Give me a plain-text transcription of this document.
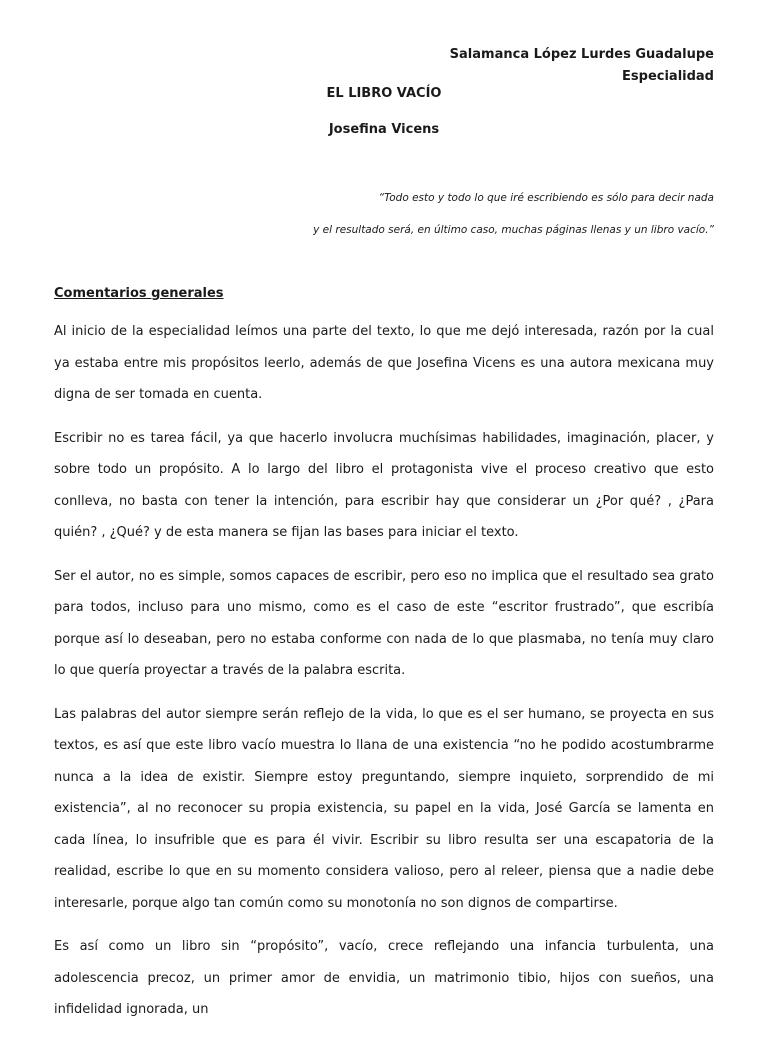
Salamanca López Lurdes Guadalupe
Especialidad
EL LIBRO VACÍO
Josefina Vicens
“Todo esto y todo lo que iré escribiendo es sólo para decir nada
y el resultado será, en último caso, muchas páginas llenas y un libro vacío.”
Comentarios generales

Al inicio de la especialidad leímos una parte del texto, lo que me dejó interesada, razón por la cual ya estaba entre mis propósitos leerlo, además de que Josefina Vicens es una autora mexicana muy digna de ser tomada en cuenta.

Escribir no es tarea fácil, ya que hacerlo involucra muchísimas habilidades, imaginación, placer, y sobre todo un propósito. A lo largo del libro el protagonista vive el proceso creativo que esto conlleva, no basta con tener la intención, para escribir hay que considerar un ¿Por qué? , ¿Para quién? , ¿Qué? y de esta manera se fijan las bases para iniciar el texto.

Ser el autor, no es simple, somos capaces de escribir, pero eso no implica que el resultado sea grato para todos, incluso para uno mismo, como es el caso de este “escritor frustrado”, que escribía porque así lo deseaban, pero no estaba conforme con nada de lo que plasmaba, no tenía muy claro lo que quería proyectar a través de la palabra escrita.

Las palabras del autor siempre serán reflejo de la vida, lo que es el ser humano, se proyecta en sus textos, es así que este libro vacío muestra lo llana de una existencia “no he podido acostumbrarme nunca a la idea de existir. Siempre estoy preguntando, siempre inquieto, sorprendido de mi existencia”, al no reconocer su propia existencia, su papel en la vida, José García se lamenta en cada línea, lo insufrible que es para él vivir. Escribir su libro resulta ser una escapatoria de la realidad, escribe lo que en su momento considera valioso, pero al releer, piensa que a nadie debe interesarle, porque algo tan común como su monotonía no son dignos de compartirse.

Es así como un libro sin “propósito”, vacío, crece reflejando una infancia turbulenta, una adolescencia precoz, un primer amor de envidia, un matrimonio tibio, hijos con sueños, una infidelidad ignorada, un
